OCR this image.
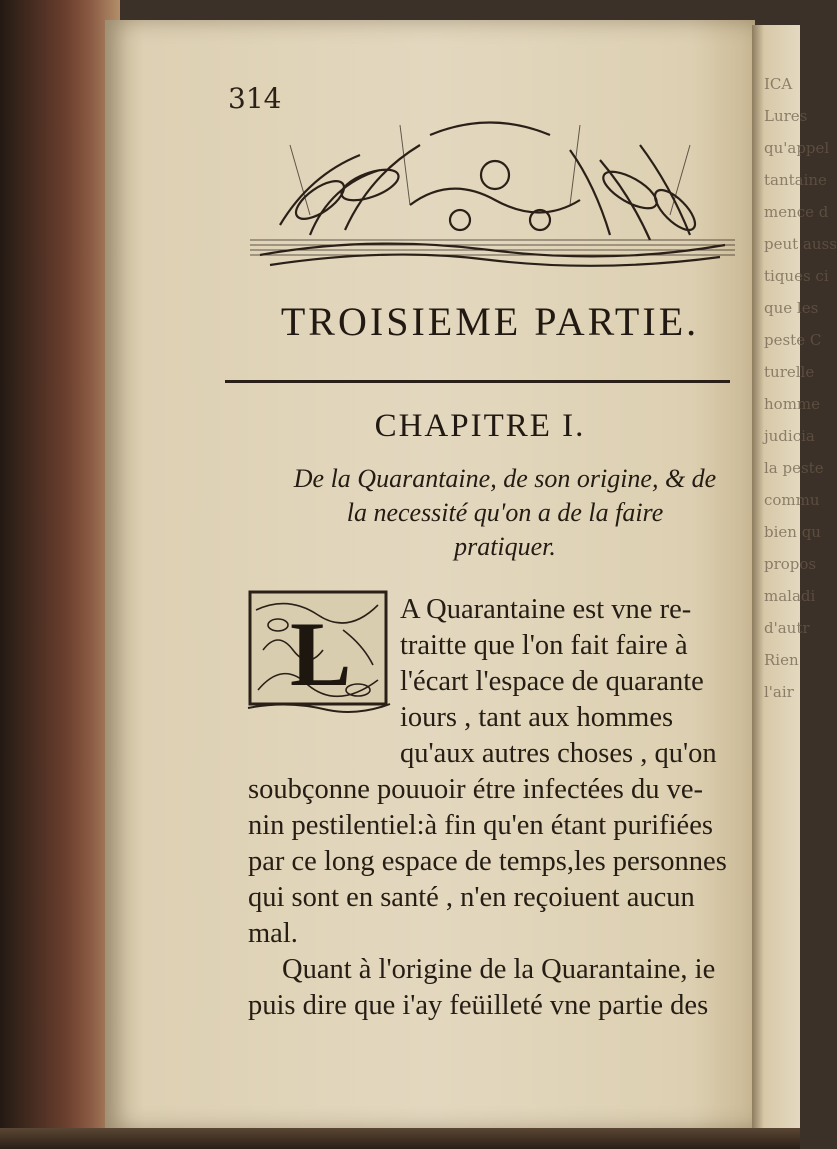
ICA
Lures
qu'appel
tantaine
mence d
peut auss
tiques ci
que les
peste C
turelle
homme
judicia
la peste
commu
bien qu
propos
maladi
d'autr
Rien
l'air
314
TROISIEME PARTIE.
CHAPITRE I.
De la Quarantaine, de son origine, & de
la necessité qu'on a de la faire
pratiquer.
L A Quarantaine est vne re-
traitte que l'on fait faire à
l'écart l'espace de quarante
iours , tant aux hommes
qu'aux autres choses , qu'on
soubçonne pouuoir étre infectées du ve-
nin pestilentiel:à fin qu'en étant purifiées
par ce long espace de temps,les personnes
qui sont en santé , n'en reçoiuent aucun
mal.
Quant à l'origine de la Quarantaine, ie
puis dire que i'ay feüilleté vne partie des
